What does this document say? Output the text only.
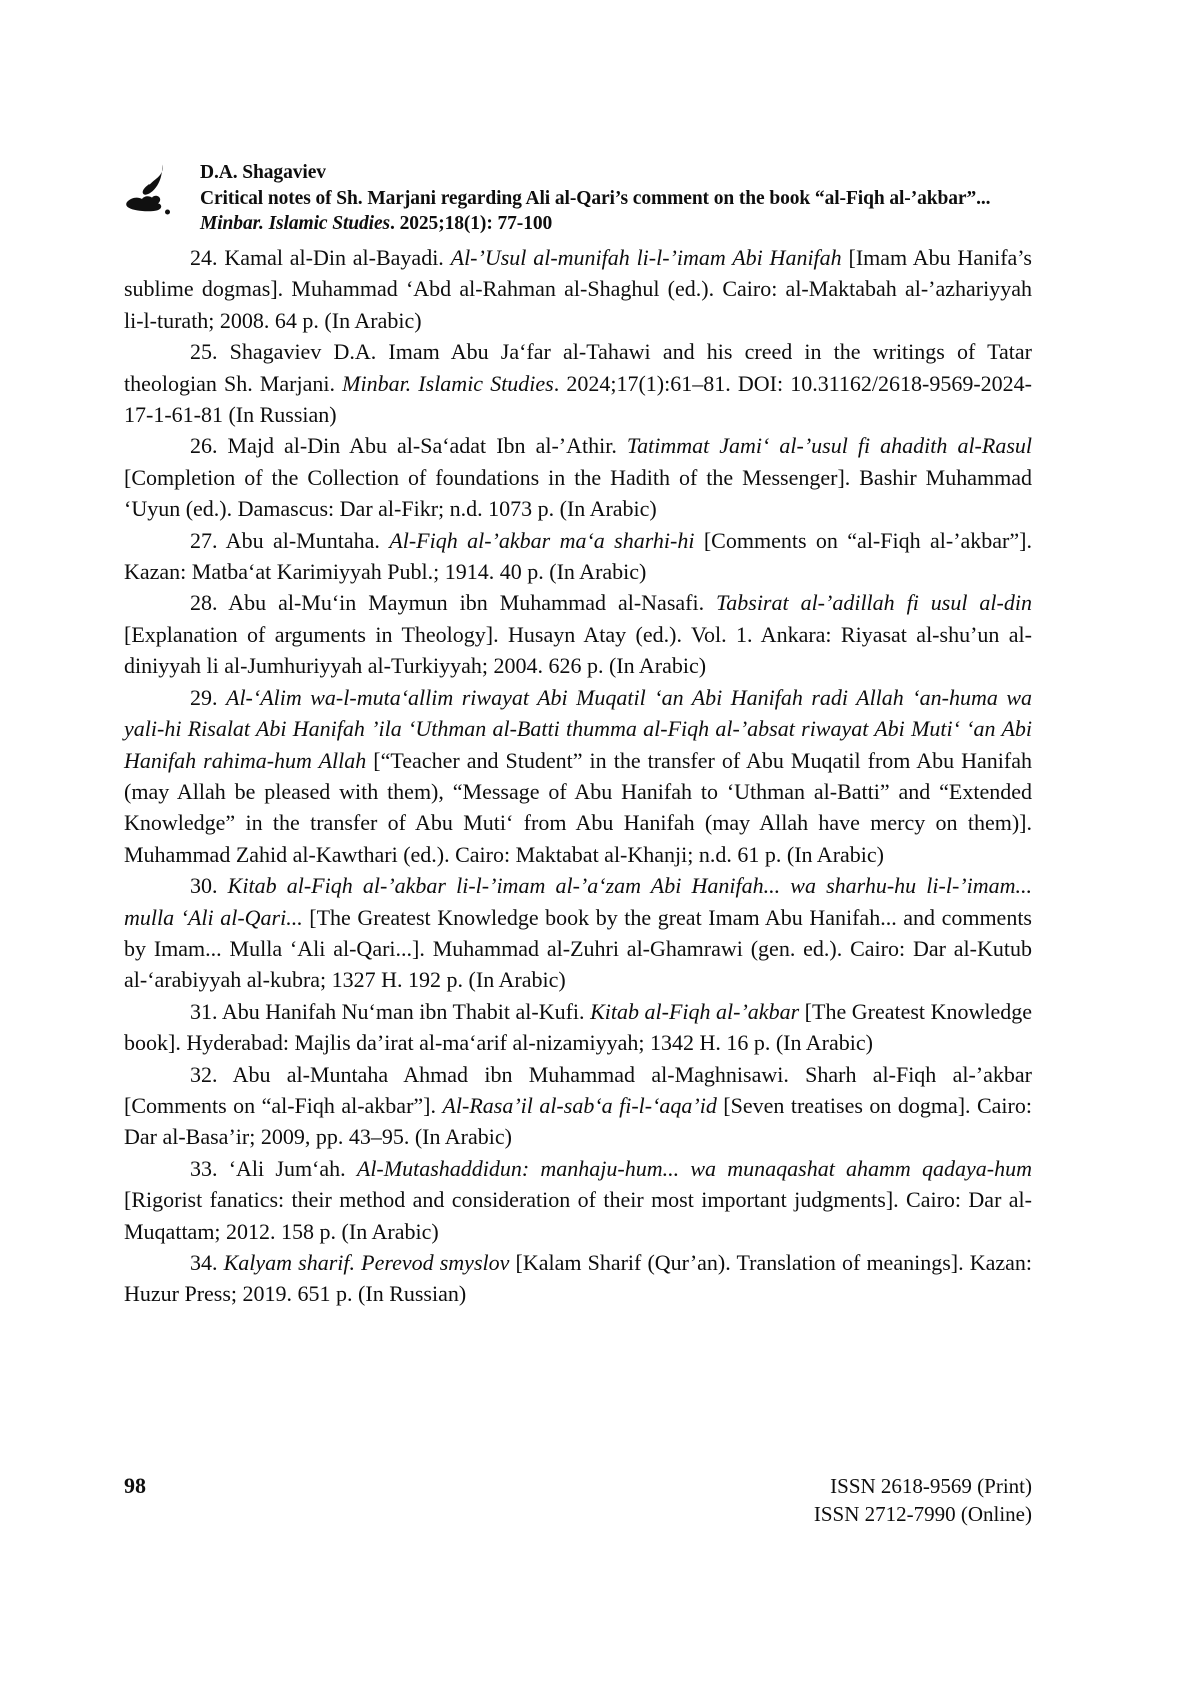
D.A. Shagaviev
Critical notes of Sh. Marjani regarding Ali al-Qari’s comment on the book “al-Fiqh al-’akbar”...
Minbar. Islamic Studies. 2025;18(1): 77-100

24. Kamal al-Din al-Bayadi. Al-’Usul al-munifah li-l-’imam Abi Hanifah [Imam Abu Hanifa’s sublime dogmas]. Muhammad ‘Abd al-Rahman al-Shaghul (ed.). Cairo: al-Maktabah al-’azhariyyah li-l-turath; 2008. 64 p. (In Arabic)

25. Shagaviev D.A. Imam Abu Ja‘far al-Tahawi and his creed in the writings of Tatar theologian Sh. Marjani. Minbar. Islamic Studies. 2024;17(1):61–81. DOI: 10.31162/2618-9569-2024-17-1-61-81 (In Russian)

26. Majd al-Din Abu al-Sa‘adat Ibn al-’Athir. Tatimmat Jami‘ al-’usul fi ahadith al-Rasul [Completion of the Collection of foundations in the Hadith of the Messenger]. Bashir Muhammad ‘Uyun (ed.). Damascus: Dar al-Fikr; n.d. 1073 p. (In Arabic)

27. Abu al-Muntaha. Al-Fiqh al-’akbar ma‘a sharhi-hi [Comments on “al-Fiqh al-’akbar”]. Kazan: Matba‘at Karimiyyah Publ.; 1914. 40 p. (In Arabic)

28. Abu al-Mu‘in Maymun ibn Muhammad al-Nasafi. Tabsirat al-’adillah fi usul al-din [Explanation of arguments in Theology]. Husayn Atay (ed.). Vol. 1. Ankara: Riyasat al-shu’un al-diniyyah li al-Jumhuriyyah al-Turkiyyah; 2004. 626 p. (In Arabic)

29. Al-‘Alim wa-l-muta‘allim riwayat Abi Muqatil ‘an Abi Hanifah radi Allah ‘an-huma wa yali-hi Risalat Abi Hanifah ’ila ‘Uthman al-Batti thumma al-Fiqh al-’absat riwayat Abi Muti‘ ‘an Abi Hanifah rahima-hum Allah [“Teacher and Student” in the transfer of Abu Muqatil from Abu Hanifah (may Allah be pleased with them), “Message of Abu Hanifah to ‘Uthman al-Batti” and “Extended Knowledge” in the transfer of Abu Muti‘ from Abu Hanifah (may Allah have mercy on them)]. Muhammad Zahid al-Kawthari (ed.). Cairo: Maktabat al-Khanji; n.d. 61 p. (In Arabic)

30. Kitab al-Fiqh al-’akbar li-l-’imam al-’a‘zam Abi Hanifah... wa sharhu-hu li-l-’imam... mulla ‘Ali al-Qari... [The Greatest Knowledge book by the great Imam Abu Hanifah... and comments by Imam... Mulla ‘Ali al-Qari...]. Muhammad al-Zuhri al-Ghamrawi (gen. ed.). Cairo: Dar al-Kutub al-‘arabiyyah al-kubra; 1327 H. 192 p. (In Arabic)

31. Abu Hanifah Nu‘man ibn Thabit al-Kufi. Kitab al-Fiqh al-’akbar [The Greatest Knowledge book]. Hyderabad: Majlis da’irat al-ma‘arif al-nizamiyyah; 1342 H. 16 p. (In Arabic)

32. Abu al-Muntaha Ahmad ibn Muhammad al-Maghnisawi. Sharh al-Fiqh al-’akbar [Comments on “al-Fiqh al-akbar”]. Al-Rasa’il al-sab‘a fi-l-‘aqa’id [Seven treatises on dogma]. Cairo: Dar al-Basa’ir; 2009, pp. 43–95. (In Arabic)

33. ‘Ali Jum‘ah. Al-Mutashaddidun: manhaju-hum... wa munaqashat ahamm qadaya-hum [Rigorist fanatics: their method and consideration of their most important judgments]. Cairo: Dar al-Muqattam; 2012. 158 p. (In Arabic)

34. Kalyam sharif. Perevod smyslov [Kalam Sharif (Qur’an). Translation of meanings]. Kazan: Huzur Press; 2019. 651 p. (In Russian)

98	ISSN 2618-9569 (Print)
ISSN 2712-7990 (Online)
